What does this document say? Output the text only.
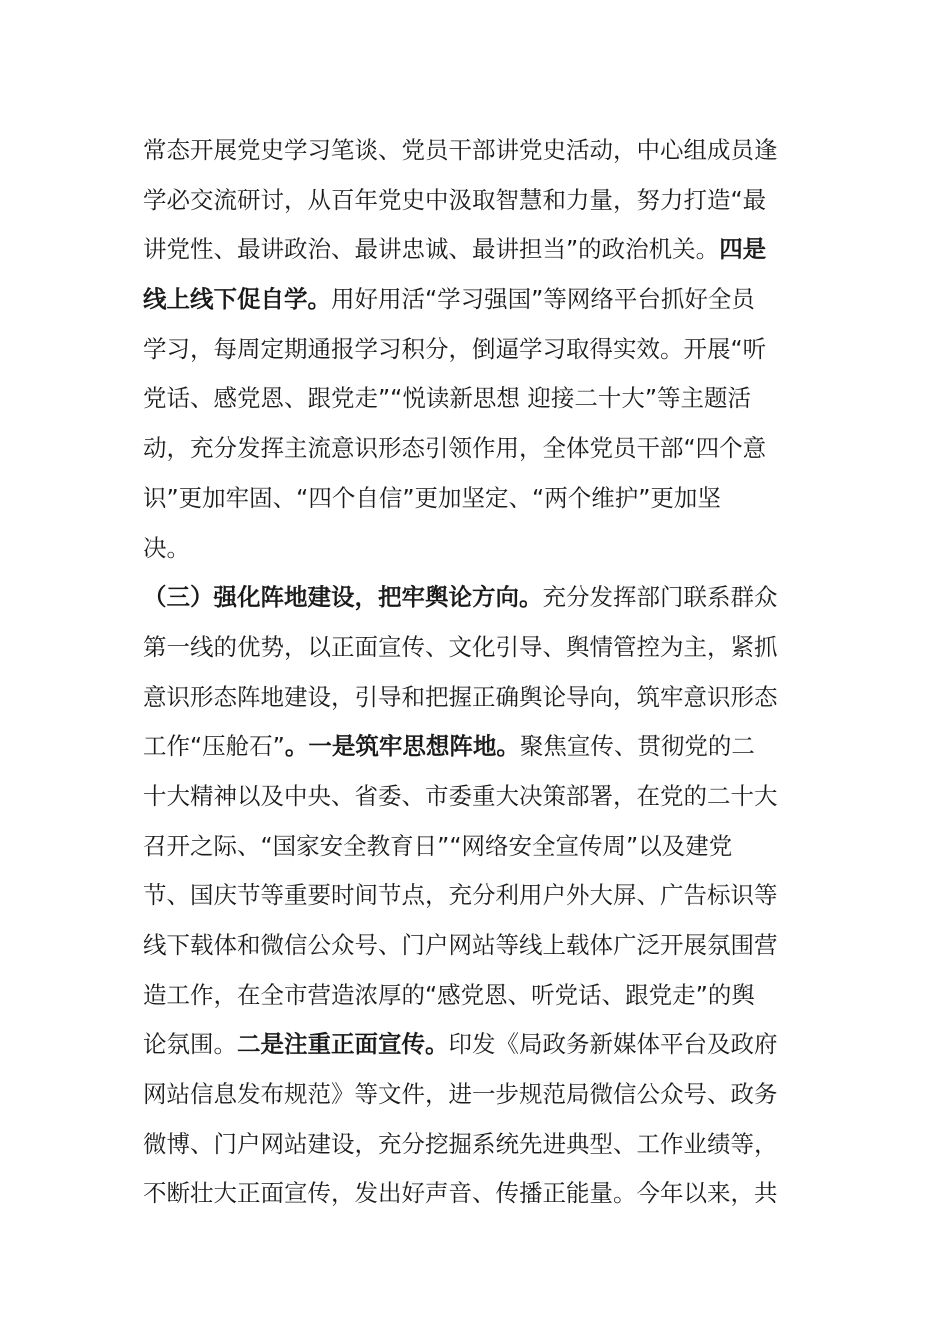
常态开展党史学习笔谈、党员干部讲党史活动，中心组成员逢
学必交流研讨，从百年党史中汲取智慧和力量，努力打造“最
讲党性、最讲政治、最讲忠诚、最讲担当”的政治机关。四是
线上线下促自学。用好用活“学习强国”等网络平台抓好全员
学习，每周定期通报学习积分，倒逼学习取得实效。开展“听
党话、感党恩、跟党走”“悦读新思想 迎接二十大”等主题活
动，充分发挥主流意识形态引领作用，全体党员干部“四个意
识”更加牢固、“四个自信”更加坚定、“两个维护”更加坚
决。
（三）强化阵地建设，把牢舆论方向。充分发挥部门联系群众
第一线的优势，以正面宣传、文化引导、舆情管控为主，紧抓
意识形态阵地建设，引导和把握正确舆论导向，筑牢意识形态
工作“压舱石”。一是筑牢思想阵地。聚焦宣传、贯彻党的二
十大精神以及中央、省委、市委重大决策部署，在党的二十大
召开之际、“国家安全教育日”“网络安全宣传周”以及建党
节、国庆节等重要时间节点，充分利用户外大屏、广告标识等
线下载体和微信公众号、门户网站等线上载体广泛开展氛围营
造工作，在全市营造浓厚的“感党恩、听党话、跟党走”的舆
论氛围。二是注重正面宣传。印发《局政务新媒体平台及政府
网站信息发布规范》等文件，进一步规范局微信公众号、政务
微博、门户网站建设，充分挖掘系统先进典型、工作业绩等，
不断壮大正面宣传，发出好声音、传播正能量。今年以来，共
